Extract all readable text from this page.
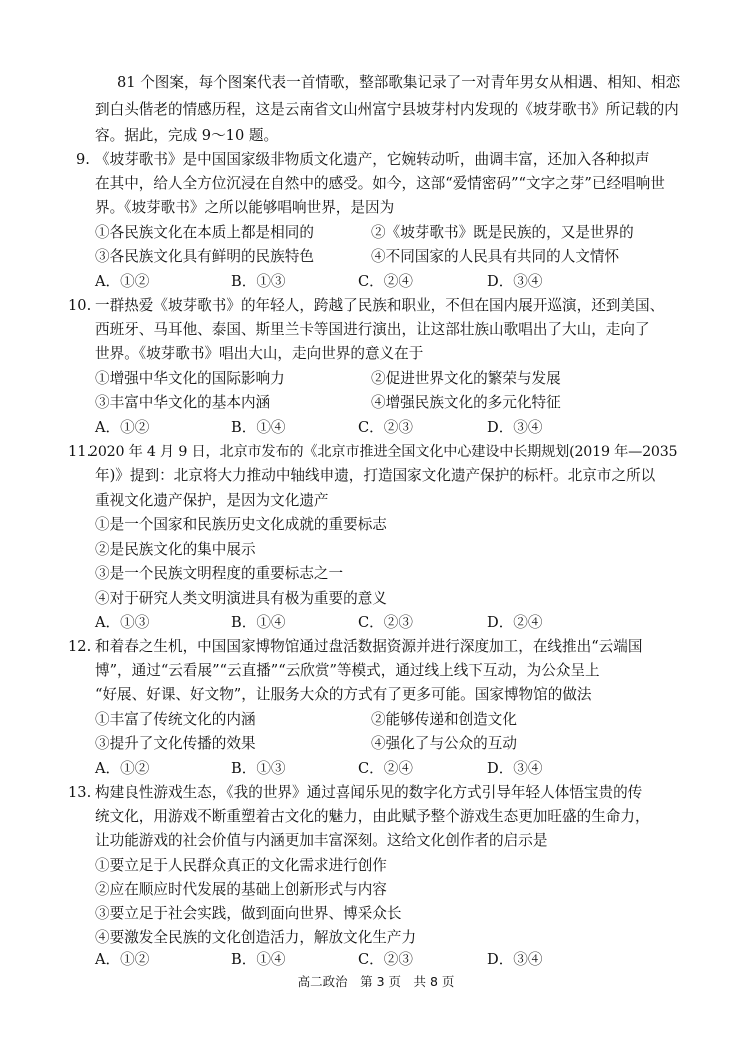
81 个图案，每个图案代表一首情歌，整部歌集记录了一对青年男女从相遇、相知、相恋
到白头偕老的情感历程，这是云南省文山州富宁县坡芽村内发现的《坡芽歌书》所记载的内
容。据此，完成 9～10 题。
9. 《坡芽歌书》是中国国家级非物质文化遗产，它婉转动听，曲调丰富，还加入各种拟声
在其中，给人全方位沉浸在自然中的感受。如今，这部“爱情密码”“文字之芽”已经唱响世
界。《坡芽歌书》之所以能够唱响世界，是因为
①各民族文化在本质上都是相同的	②《坡芽歌书》既是民族的，又是世界的
③各民族文化具有鲜明的民族特色	④不同国家的人民具有共同的人文情怀
A．①②	B．①③	C．②④	D．③④
10. 一群热爱《坡芽歌书》的年轻人，跨越了民族和职业，不但在国内展开巡演，还到美国、
西班牙、马耳他、泰国、斯里兰卡等国进行演出，让这部壮族山歌唱出了大山，走向了
世界。《坡芽歌书》唱出大山，走向世界的意义在于
①增强中华文化的国际影响力	②促进世界文化的繁荣与发展
③丰富中华文化的基本内涵	④增强民族文化的多元化特征
A．①②	B．①④	C．②③	D．③④
11.
2020 年 4 月 9 日，北京市发布的《北京市推进全国文化中心建设中长期规划(2019 年—2035
年)》提到：北京将大力推动中轴线申遗，打造国家文化遗产保护的标杆。北京市之所以
重视文化遗产保护，是因为文化遗产
①是一个国家和民族历史文化成就的重要标志
②是民族文化的集中展示
③是一个民族文明程度的重要标志之一
④对于研究人类文明演进具有极为重要的意义
A．①③	B．①④	C．②③	D．②④
12. 和着春之生机，中国国家博物馆通过盘活数据资源并进行深度加工，在线推出“云端国
博”，通过“云看展”“云直播”“云欣赏”等模式，通过线上线下互动，为公众呈上
“好展、好课、好文物”，让服务大众的方式有了更多可能。国家博物馆的做法
①丰富了传统文化的内涵	②能够传递和创造文化
③提升了文化传播的效果	④强化了与公众的互动
A．①②	B．①③	C．②④	D．③④
13. 构建良性游戏生态，《我的世界》通过喜闻乐见的数字化方式引导年轻人体悟宝贵的传
统文化，用游戏不断重塑着古文化的魅力，由此赋予整个游戏生态更加旺盛的生命力，
让功能游戏的社会价值与内涵更加丰富深刻。这给文化创作者的启示是
①要立足于人民群众真正的文化需求进行创作
②应在顺应时代发展的基础上创新形式与内容
③要立足于社会实践，做到面向世界、博采众长
④要激发全民族的文化创造活力，解放文化生产力
A．①②	B．①④	C．②③	D．③④
高二政治　第 3 页　共 8 页
